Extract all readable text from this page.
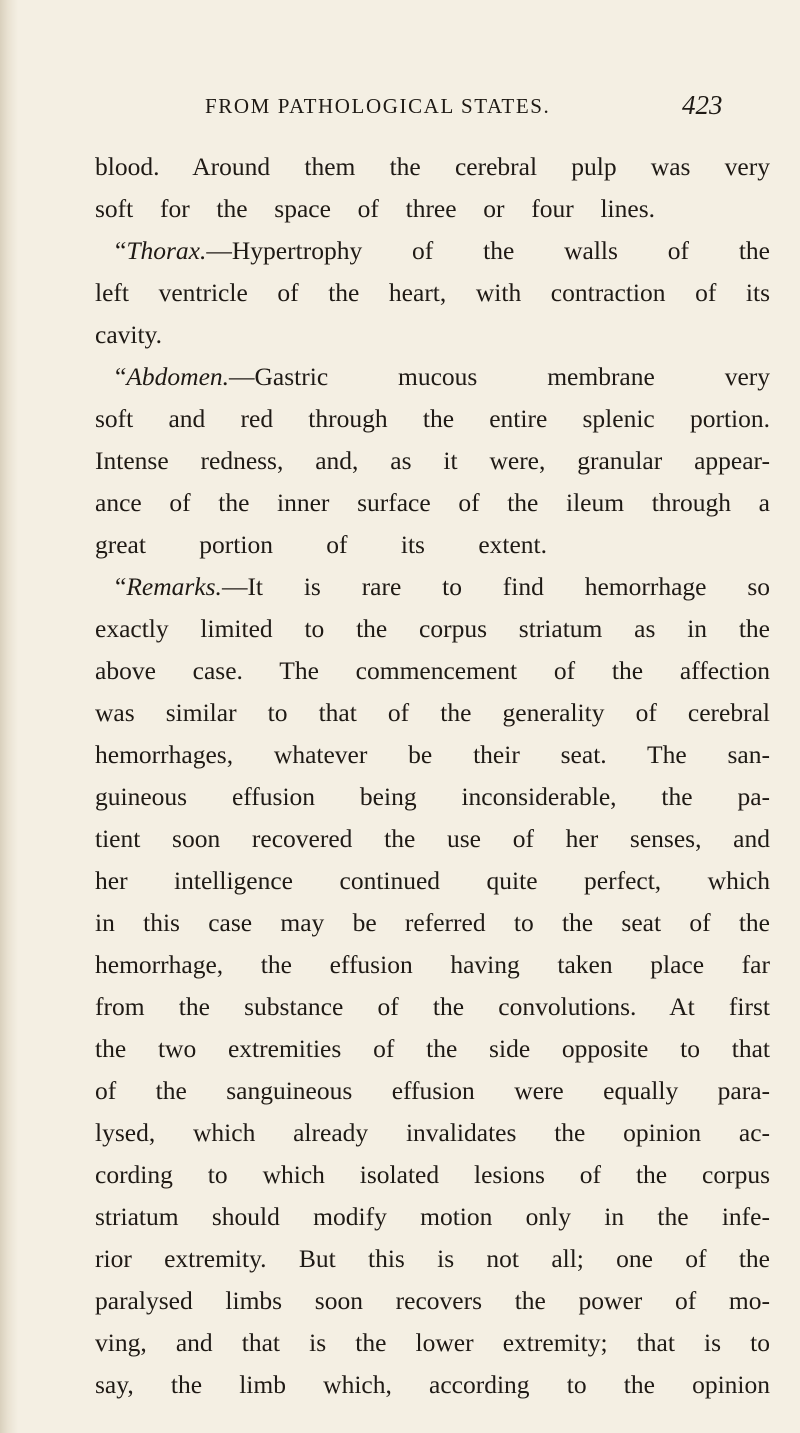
FROM PATHOLOGICAL STATES.	423
blood. Around them the cerebral pulp was very
soft for the space of three or four lines.
“Thorax.—Hypertrophy of the walls of the
left ventricle of the heart, with contraction of its
cavity.
“Abdomen.—Gastric mucous membrane very
soft and red through the entire splenic portion.
Intense redness, and, as it were, granular appear-
ance of the inner surface of the ileum through a
great portion of its extent.
“Remarks.—It is rare to find hemorrhage so
exactly limited to the corpus striatum as in the
above case. The commencement of the affection
was similar to that of the generality of cerebral
hemorrhages, whatever be their seat. The san-
guineous effusion being inconsiderable, the pa-
tient soon recovered the use of her senses, and
her intelligence continued quite perfect, which
in this case may be referred to the seat of the
hemorrhage, the effusion having taken place far
from the substance of the convolutions. At first
the two extremities of the side opposite to that
of the sanguineous effusion were equally para-
lysed, which already invalidates the opinion ac-
cording to which isolated lesions of the corpus
striatum should modify motion only in the infe-
rior extremity. But this is not all; one of the
paralysed limbs soon recovers the power of mo-
ving, and that is the lower extremity; that is to
say, the limb which, according to the opinion
